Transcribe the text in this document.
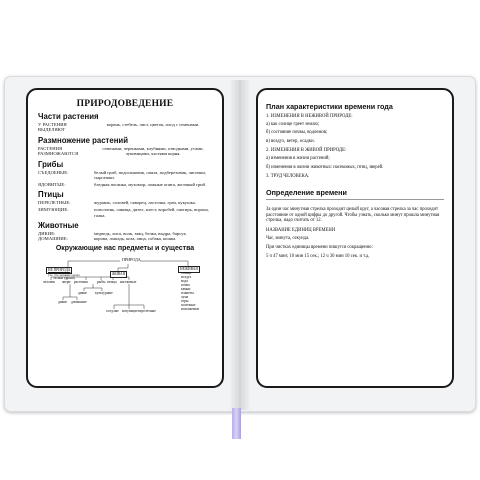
ПРИРОДОВЕДЕНИЕ
Части растения
У РАСТЕНИЯ ВЫДЕЛЯЮТ
корень, стебель, лист, цветок, плод с семенами.
Размножение растений
РАСТЕНИЯ РАЗМНОЖАЮТСЯ
семенами, черенками, клубнями, отводками, усами, луковицами, частями корня.
Грибы
СЪЕДОБНЫЕ:	белый гриб, подосиновик, опята, подберезовик, лисички, сыроежки.
ЯДОВИТЫЕ:	бледная поганка, мухомор, ложные опята, желчный гриб.
Птицы
ПЕРЕЛЕТНЫЕ:	журавль, соловей, скворец, ласточка, грач, кукушка.
ЗИМУЮЩИЕ:	поползень, синица, дятел, клест, воробей, снегирь, ворона, галка.
Животные
ДИКИЕ:	медведь, лиса, волк, заяц, белка, выдра, барсук.
ДОМАШНИЕ:	корова, лошадь, коза, овца, собака, кошка.
Окружающие нас предметы и существа
ПРИРОДА
НЕ ПРИРОДА
(то, что человек сделал своими руками)
ЖИВАЯ
НЕЖИВАЯ
человек звери растения	рыбы птицы насекомые
дикие культурные
дикие домашние
оседлые кочующие перелетные
солнце
воздух
вода
почва
камни
планеты
луна
горы
полезные ископаемые
План характеристики времени года
1. ИЗМЕНЕНИЯ В НЕЖИВОЙ ПРИРОДЕ:
а) как солнце греет землю;
б) состояние почвы, водоемов;
в) воздух, ветер, осадки.
2. ИЗМЕНЕНИЯ В ЖИВОЙ ПРИРОДЕ:
а) изменения в жизни растений;
б) изменения в жизни животных: насекомых, птиц, зверей.
3. ТРУД ЧЕЛОВЕКА.
Определение времени
За один час минутная стрелка проходит целый круг, а часовая стрелка за час проходит расстояние от одной цифры до другой. Чтобы узнать, сколько минут прошла минутная стрелка, надо считать от 12.
НАЗВАНИЕ ЕДИНИЦ ВРЕМЕНИ
Час, минута, секунда.
При чистках единицы времени пишутся сокращенно:
5 ч 47 мин; 10 мин 15 сек.; 12 ч 30 мин 10 сек. и т.д.
